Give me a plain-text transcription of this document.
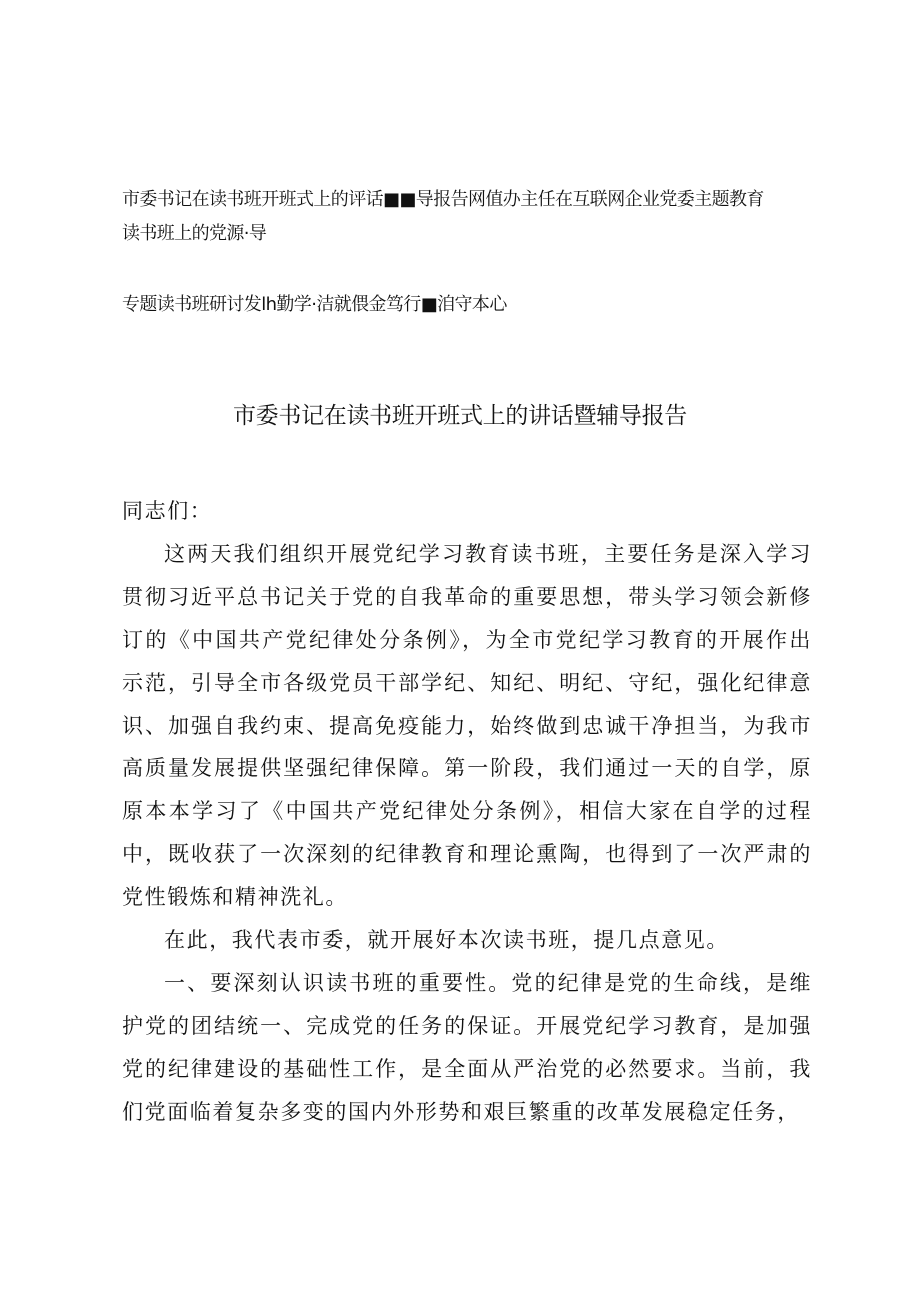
市委书记在读书班开班式上的评话■■导报告网值办主任在互联网企业党委主题教育
读书班上的党源·导
专题读书班研讨发lh勤学·洁就偎金笃行■洎守本心
市委书记在读书班开班式上的讲话暨辅导报告

同志们：

这两天我们组织开展党纪学习教育读书班，主要任务是深入学习贯彻习近平总书记关于党的自我革命的重要思想，带头学习领会新修订的《中国共产党纪律处分条例》，为全市党纪学习教育的开展作出示范，引导全市各级党员干部学纪、知纪、明纪、守纪，强化纪律意识、加强自我约束、提高免疫能力，始终做到忠诚干净担当，为我市高质量发展提供坚强纪律保障。第一阶段，我们通过一天的自学，原原本本学习了《中国共产党纪律处分条例》，相信大家在自学的过程中，既收获了一次深刻的纪律教育和理论熏陶，也得到了一次严肃的党性锻炼和精神洗礼。

在此，我代表市委，就开展好本次读书班，提几点意见。

一、要深刻认识读书班的重要性。党的纪律是党的生命线，是维护党的团结统一、完成党的任务的保证。开展党纪学习教育，是加强党的纪律建设的基础性工作，是全面从严治党的必然要求。当前，我们党面临着复杂多变的国内外形势和艰巨繁重的改革发展稳定任务，
